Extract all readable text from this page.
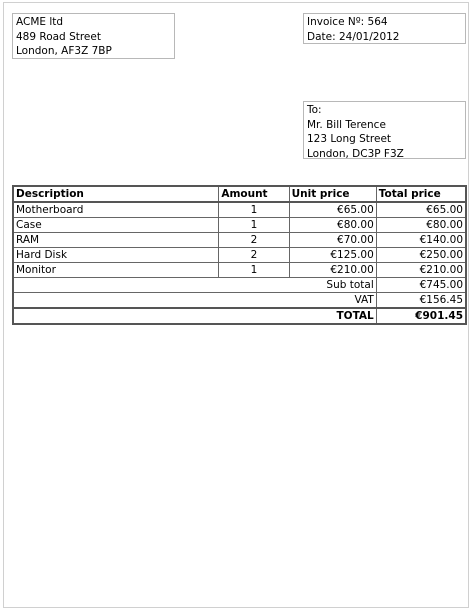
ACME ltd
489 Road Street
London, AF3Z 7BP
Invoice Nº: 564
Date: 24/01/2012
To:
Mr. Bill Terence
123 Long Street
London, DC3P F3Z
Description	Amount	Unit price	Total price
Motherboard	1	€65.00	€65.00
Case	1	€80.00	€80.00
RAM	2	€70.00	€140.00
Hard Disk	2	€125.00	€250.00
Monitor	1	€210.00	€210.00
Sub total			€745.00
VAT			€156.45
TOTAL			€901.45
